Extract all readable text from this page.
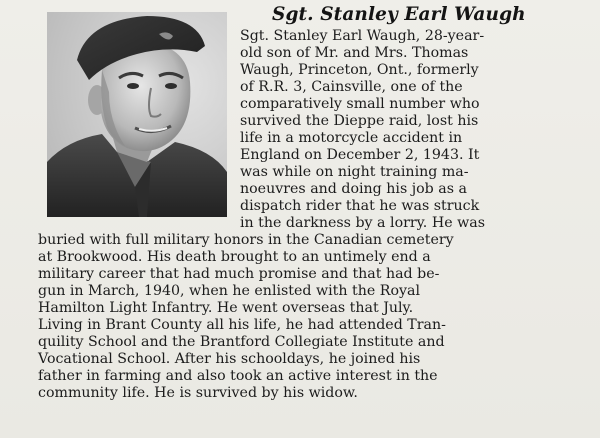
Sgt. Stanley Earl Waugh
Sgt. Stanley Earl Waugh, 28-year-
old son of Mr. and Mrs. Thomas
Waugh, Princeton, Ont., formerly
of R.R. 3, Cainsville, one of the
comparatively small number who
survived the Dieppe raid, lost his
life in a motorcycle accident in
England on December 2, 1943. It
was while on night training ma-
noeuvres and doing his job as a
dispatch rider that he was struck
in the darkness by a lorry. He was
buried with full military honors in the Canadian cemetery
at Brookwood. His death brought to an untimely end a
military career that had much promise and that had be-
gun in March, 1940, when he enlisted with the Royal
Hamilton Light Infantry. He went overseas that July.
Living in Brant County all his life, he had attended Tran-
quility School and the Brantford Collegiate Institute and
Vocational School. After his schooldays, he joined his
father in farming and also took an active interest in the
community life. He is survived by his widow.
